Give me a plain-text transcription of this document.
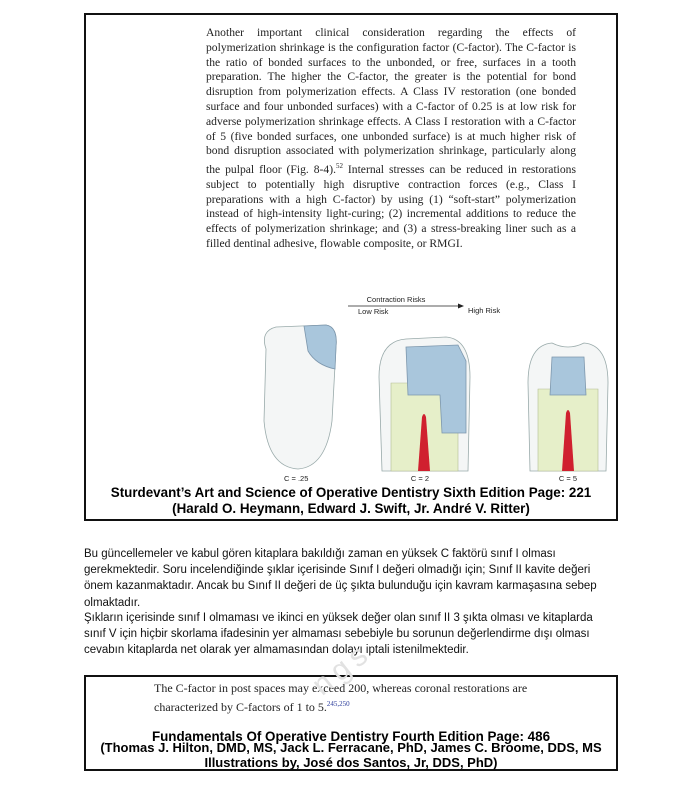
Another important clinical consideration regarding the effects of polymerization shrinkage is the configuration factor (C-factor). The C-factor is the ratio of bonded surfaces to the unbonded, or free, surfaces in a tooth preparation. The higher the C-factor, the greater is the potential for bond disruption from polymerization effects. A Class IV restoration (one bonded surface and four unbonded surfaces) with a C-factor of 0.25 is at low risk for adverse polymerization shrinkage effects. A Class I restoration with a C-factor of 5 (five bonded surfaces, one unbonded surface) is at much higher risk of bond disruption associated with polymerization shrinkage, particularly along the pulpal floor (Fig. 8-4).$^{52}$ Internal stresses can be reduced in restorations subject to potentially high disruptive contraction forces (e.g., Class I preparations with a high C-factor) by using (1) “soft-start” polymerization instead of high-intensity light-curing; (2) incremental additions to reduce the effects of polymerization shrinkage; and (3) a stress-breaking liner such as a filled dentinal adhesive, flowable composite, or RMGI.
Contraction Risks
Low Risk	High Risk
C = .25	C = 2	C = 5
Sturdevant’s Art and Science of Operative Dentistry Sixth Edition Page: 221
(Harald O. Heymann, Edward J. Swift, Jr. André V. Ritter)
Bu güncellemeler ve kabul gören kitaplara bakıldığı zaman en yüksek C faktörü sınıf I olması gerekmektedir. Soru incelendiğinde şıklar içerisinde Sınıf I değeri olmadığı için; Sınıf II kavite değeri önem kazanmaktadır. Ancak bu Sınıf II değeri de üç şıkta bulunduğu için kavram karmaşasına sebep olmaktadır.
Şıkların içerisinde sınıf I olmaması ve ikinci en yüksek değer olan sınıf II 3 şıkta olması ve kitaplarda sınıf V için hiçbir skorlama ifadesinin yer almaması sebebiyle bu sorunun değerlendirme dışı olması cevabın kitaplarda net olarak yer almamasından dolayı iptali istenilmektedir.
The C-factor in post spaces may exceed 200, whereas coronal restorations are characterized by C-factors of 1 to 5.$^{245,250}$
Fundamentals Of Operative Dentistry Fourth Edition Page: 486
(Thomas J. Hilton, DMD, MS, Jack L. Ferracane, PhD, James C. Broome, DDS, MS
Illustrations by, José dos Santos, Jr, DDS, PhD)
ngs
